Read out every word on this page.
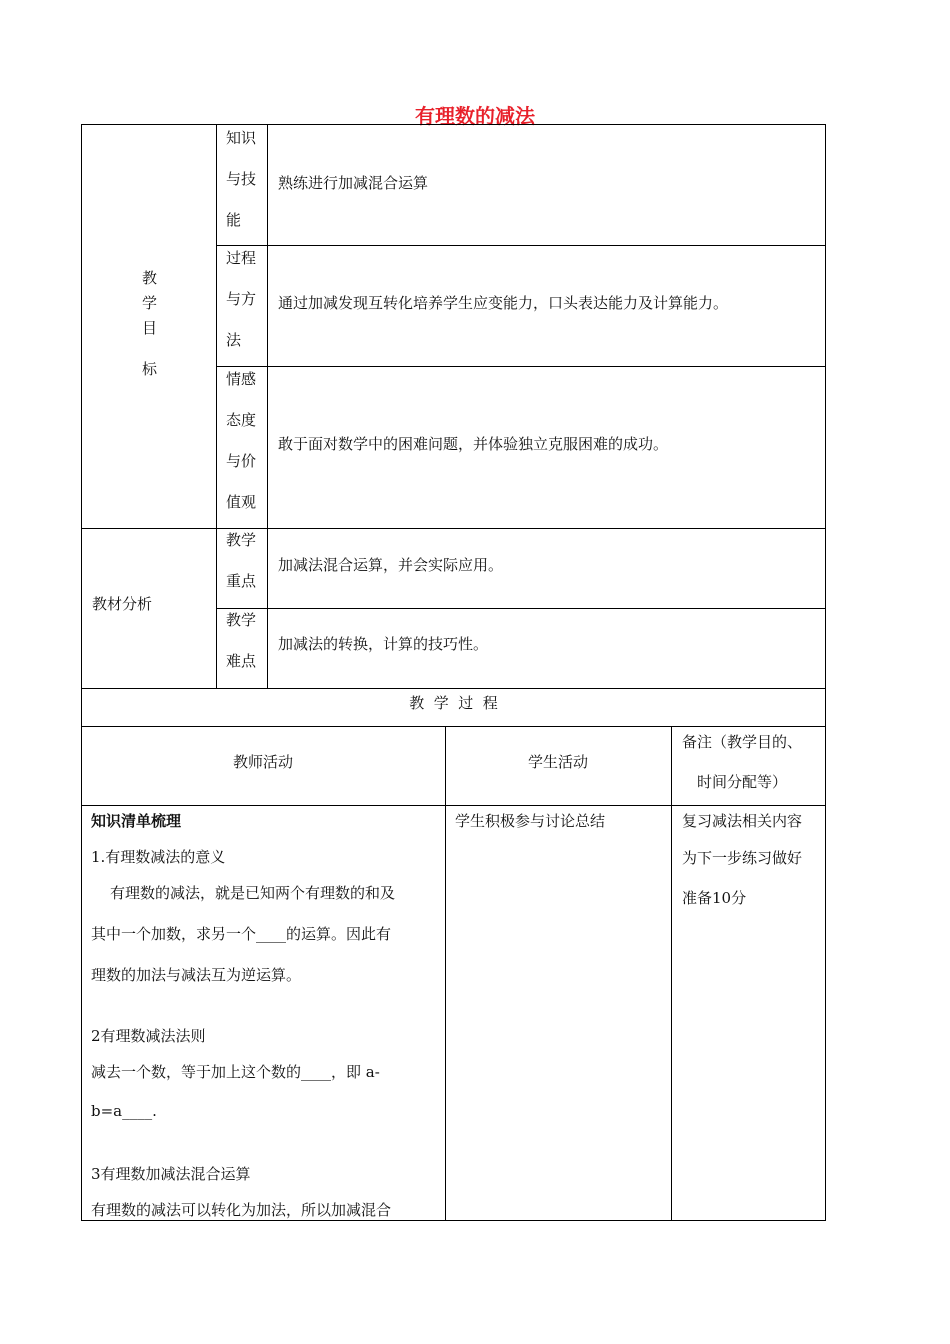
有理数的减法
教
学
目
标
知识
与技
能
熟练进行加减混合运算
过程
与方
法
通过加减发现互转化培养学生应变能力，口头表达能力及计算能力。
情感
态度
与价
值观
敢于面对数学中的困难问题，并体验独立克服困难的成功。
教材分析
教学
重点
加减法混合运算，并会实际应用。
教学
难点
加减法的转换，计算的技巧性。
教  学  过  程
教师活动	学生活动
备注（教学目的、
时间分配等）
知识清单梳理
1.有理数减法的意义
有理数的减法，就是已知两个有理数的和及
其中一个加数，求另一个____的运算。因此有
理数的加法与减法互为逆运算。
2有理数减法法则
减去一个数，等于加上这个数的____，即 a-
b=a____.
3有理数加减法混合运算
有理数的减法可以转化为加法，所以加减混合
学生积极参与讨论总结	复习减法相关内容
为下一步练习做好
准备10分
